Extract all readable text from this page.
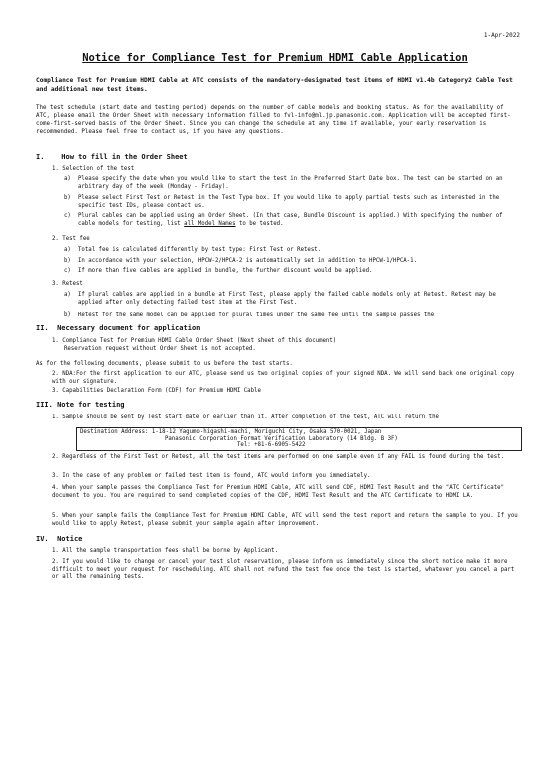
1-Apr-2022
Notice for Compliance Test for Premium HDMI Cable Application
Compliance Test for Premium HDMI Cable at ATC consists of the mandatory-designated test items of HDMI v1.4b Category2 Cable Test and additional new test items.
The test schedule (start date and testing period) depends on the number of cable models and booking status. As for the availability of ATC, please email the Order Sheet with necessary information filled to fvl-info@ml.jp.panasonic.com. Application will be accepted first-come-first-served basis of the Order Sheet. Since you can change the schedule at any time if available, your early reservation is recommended. Please feel free to contact us, if you have any questions.
I. How to fill in the Order Sheet
1. Selection of the test
a) Please specify the date when you would like to start the test in the Preferred Start Date box. The test can be started on an arbitrary day of the week (Monday - Friday).
b) Please select First Test or Retest in the Test Type box. If you would like to apply partial tests such as interested in the specific test IDs, please contact us.
c) Plural cables can be applied using an Order Sheet. (In that case, Bundle Discount is applied.) With specifying the number of cable models for testing, list all Model Names to be tested.
2. Test fee
a) Total fee is calculated differently by test type: First Test or Retest.
b) In accordance with your selection, HPCW-2/HPCA-2 is automatically set in addition to HPCW-1/HPCA-1.
c) If more than five cables are applied in bundle, the further discount would be applied.
3. Retest
a) If plural cables are applied in a bundle at First Test, please apply the failed cable models only at Retest. Retest may be applied after only detecting failed test item at the First Test.
b) Retest for the same model can be applied for plural times under the same fee until the sample passes the
II. Necessary document for application
1. Compliance Test for Premium HDMI Cable Order Sheet (Next sheet of this document)
Reservation request without Order Sheet is not accepted.
As for the following documents, please submit to us before the test starts.
2. NDA:For the first application to our ATC, please send us two original copies of your signed NDA. We will send back one original copy with our signature.
3. Capabilities Declaration Form (CDF) for Premium HDMI Cable
III. Note for testing
1. Sample should be sent by Test start date or earlier than it. After completion of the test, ATC will return the
Destination Address: 1-18-12 Yagumo-higashi-machi, Moriguchi City, Osaka 570-0021, Japan
Panasonic Corporation Format Verification Laboratory (14 Bldg. B 3F)
Tel: +81-6-6905-5422
2. Regardless of the First Test or Retest, all the test items are performed on one sample even if any FAIL is found during the test.
3. In the case of any problem or failed test item is found, ATC would inform you immediately.
4. When your sample passes the Compliance Test for Premium HDMI Cable, ATC will send CDF, HDMI Test Result and the "ATC Certificate" document to you. You are required to send completed copies of the CDF, HDMI Test Result and the ATC Certificate to HDMI LA.
5. When your sample fails the Compliance Test for Premium HDMI Cable, ATC will send the test report and return the sample to you. If you would like to apply Retest, please submit your sample again after improvement.
IV. Notice
1. All the sample transportation fees shall be borne by Applicant.
2. If you would like to change or cancel your test slot reservation, please inform us immediately since the short notice make it more difficult to meet your request for rescheduling. ATC shall not refund the test fee once the test is started, whatever you cancel a part or all the remaining tests.
